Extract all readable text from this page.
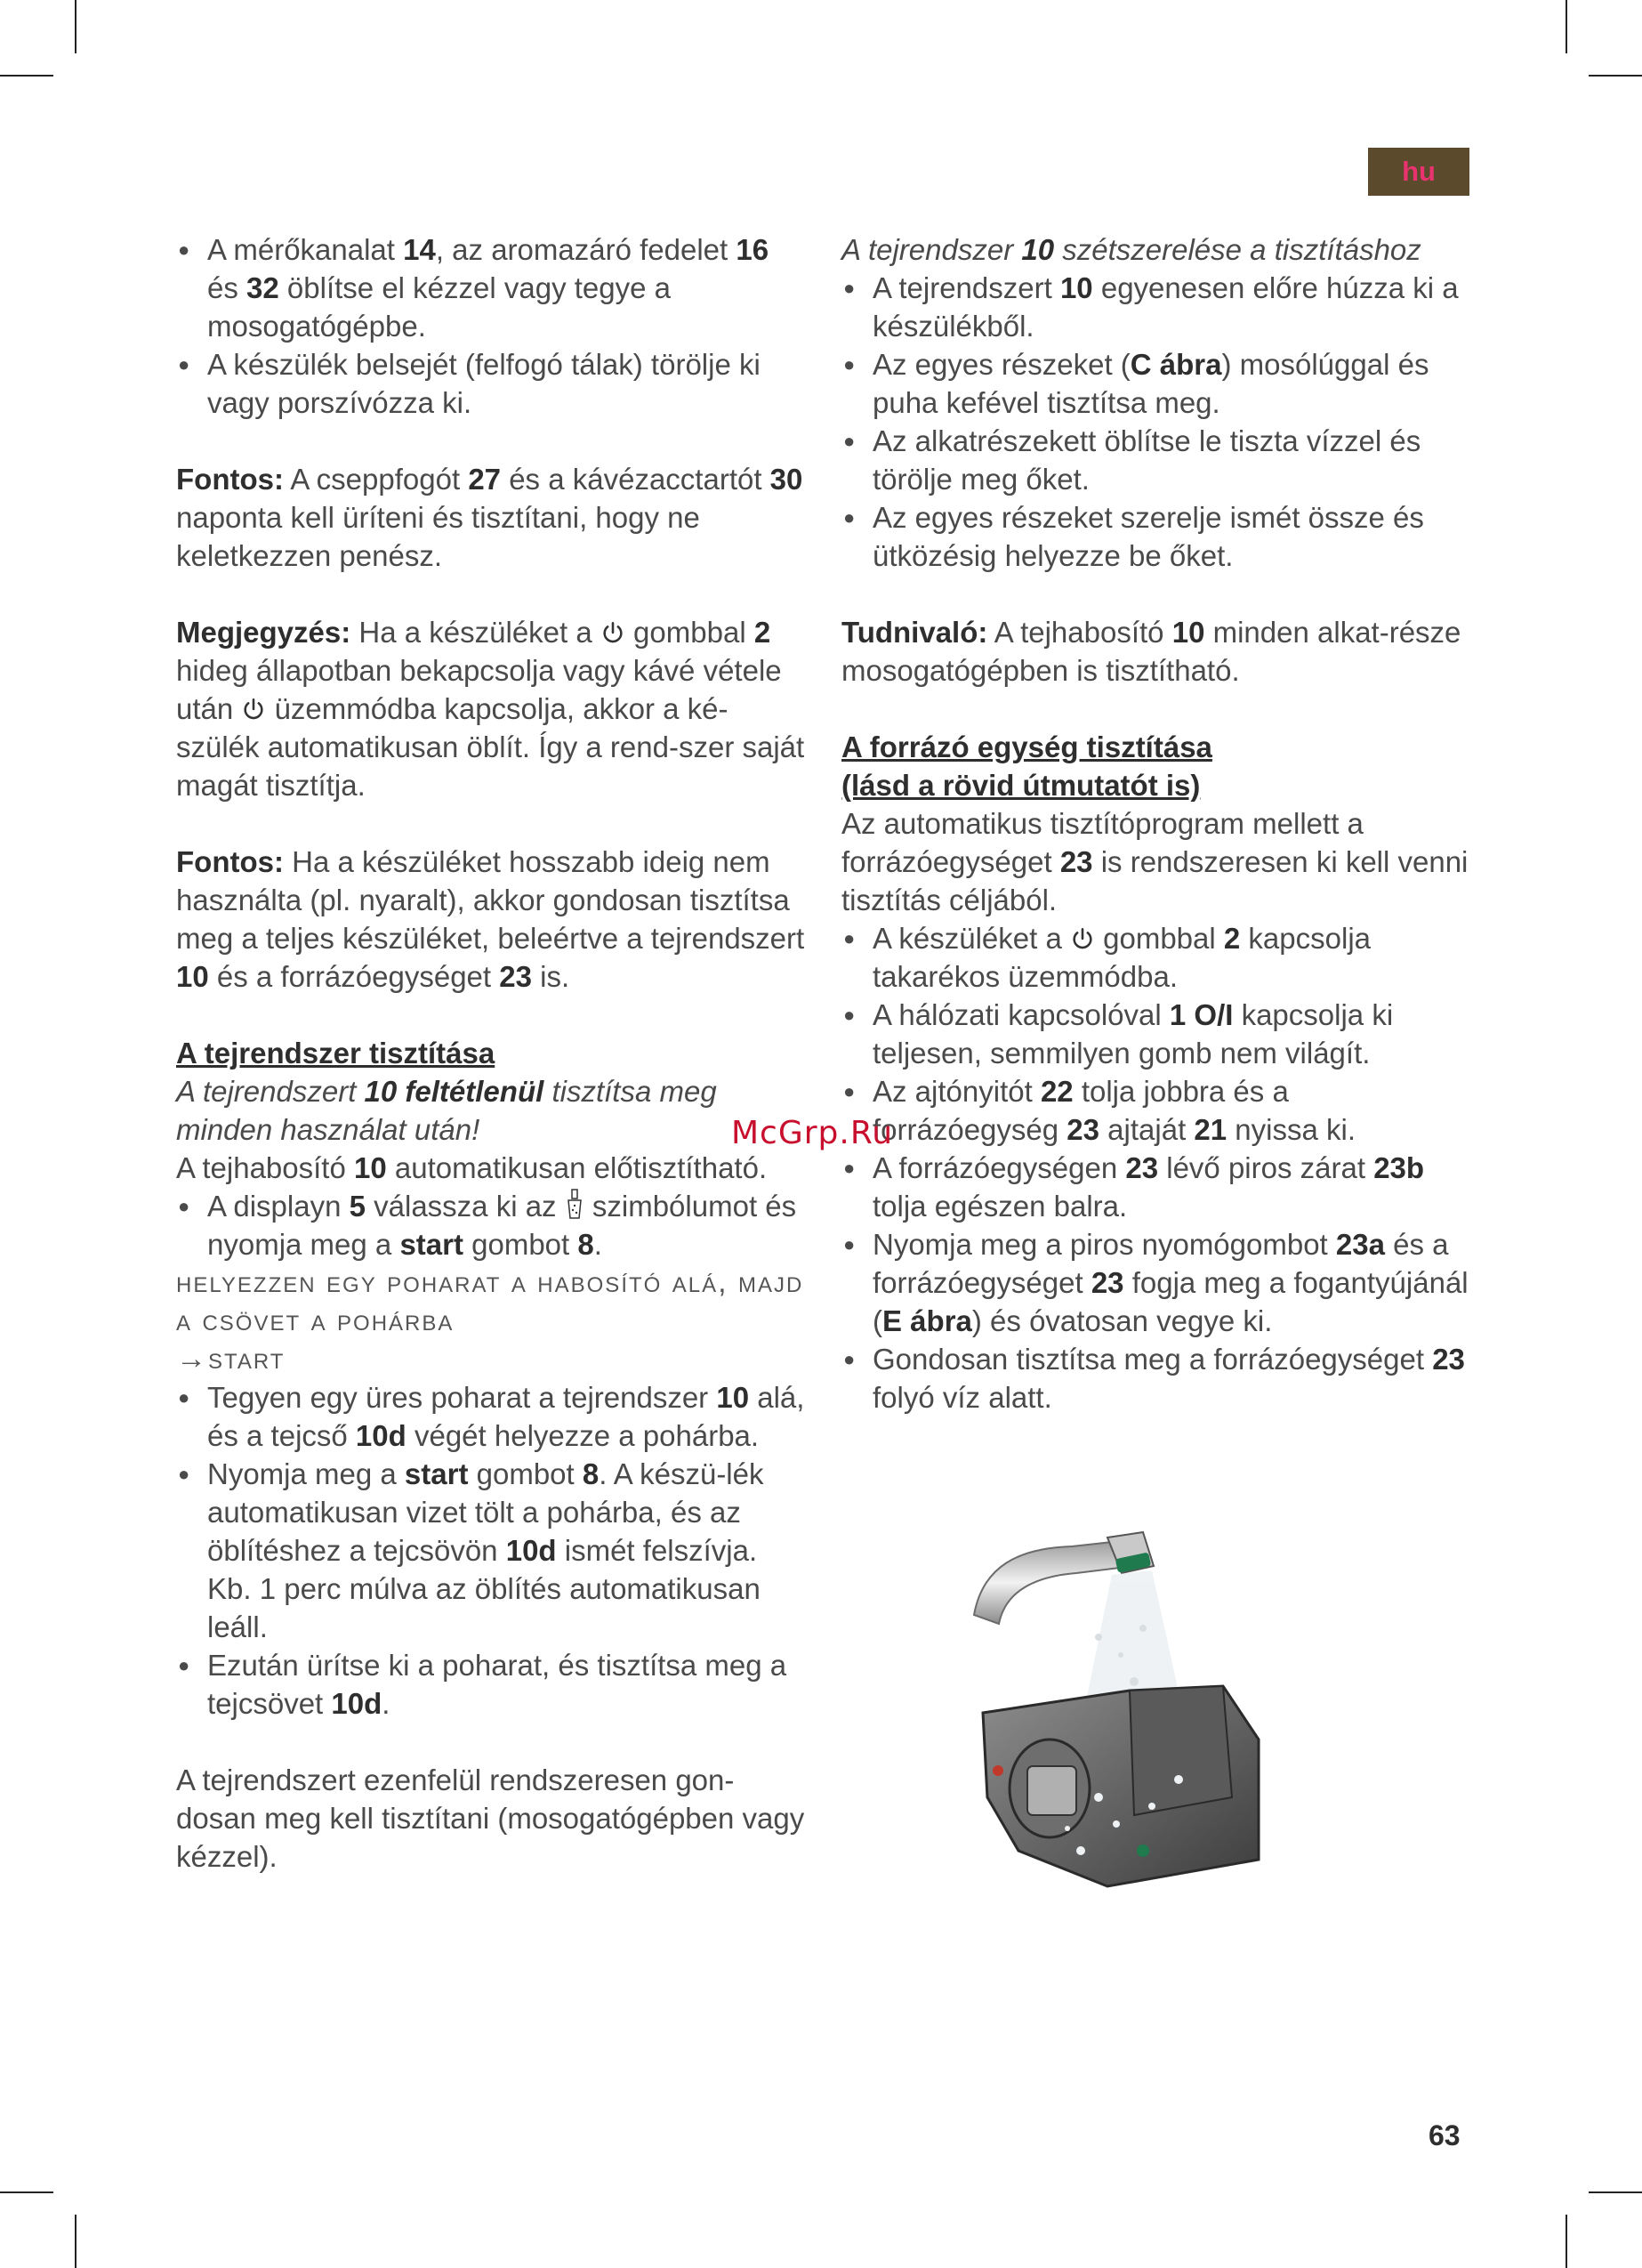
hu
● A mérőkanalat 14, az aromazáró fedelet 16 és 32 öblítse el kézzel vagy tegye a mosogatógépbe.
● A készülék belsejét (felfogó tálak) törölje ki vagy porszívózza ki.

Fontos: A cseppfogót 27 és a kávézacctartót 30 naponta kell üríteni és tisztítani, hogy ne keletkezzen penész.

Megjegyzés: Ha a készüléket a  gombbal 2 hideg állapotban bekapcsolja vagy kávé vétele után  üzemmódba kapcsolja, akkor a ké-szülék automatikusan öblít. Így a rend-szer saját magát tisztítja.

Fontos: Ha a készüléket hosszabb ideig nem használta (pl. nyaralt), akkor gondosan tisztítsa meg a teljes készüléket, beleértve a tejrendszert 10 és a forrázóegységet 23 is.

A tejrendszer tisztítása

A tejrendszert 10 feltétlenül tisztítsa meg minden használat után!

A tejhabosító 10 automatikusan előtisztítható.

● A displayn 5 válassza ki az  szimbólumot és nyomja meg a start gombot 8.

helyezzen egy poharat a habosító alá, majd a csövet a pohárba
→start

● Tegyen egy üres poharat a tejrendszer 10 alá, és a tejcső 10d végét helyezze a pohárba.
● Nyomja meg a start gombot 8. A készü-lék automatikusan vizet tölt a pohárba, és az öblítéshez a tejcsövön 10d ismét felszívja. Kb. 1 perc múlva az öblítés automatikusan leáll.
● Ezután ürítse ki a poharat, és tisztítsa meg a tejcsövet 10d.

A tejrendszert ezenfelül rendszeresen gon-dosan meg kell tisztítani (mosogatógépben vagy kézzel).

A tejrendszer 10 szétszerelése a tisztításhoz

● A tejrendszert 10 egyenesen előre húzza ki a készülékből.
● Az egyes részeket (C ábra) mosólúggal és puha kefével tisztítsa meg.
● Az alkatrészekett öblítse le tiszta vízzel és törölje meg őket.
● Az egyes részeket szerelje ismét össze és ütközésig helyezze be őket.

Tudnivaló: A tejhabosító 10 minden alkat-része mosogatógépben is tisztítható.

A forrázó egység tisztítása

(lásd a rövid útmutatót is)

Az automatikus tisztítóprogram mellett a forrázóegységet 23 is rendszeresen ki kell venni tisztítás céljából.

● A készüléket a  gombbal 2 kapcsolja takarékos üzemmódba.
● A hálózati kapcsolóval 1 O/I kapcsolja ki teljesen, semmilyen gomb nem világít.
● Az ajtónyitót 22 tolja jobbra és a forrázóegység 23 ajtaját 21 nyissa ki.
● A forrázóegységen 23 lévő piros zárat 23b tolja egészen balra.
● Nyomja meg a piros nyomógombot 23a és a forrázóegységet 23 fogja meg a fogantyújánál (E ábra) és óvatosan vegye ki.
● Gondosan tisztítsa meg a forrázóegységet 23 folyó víz alatt.
McGrp.Ru
63
